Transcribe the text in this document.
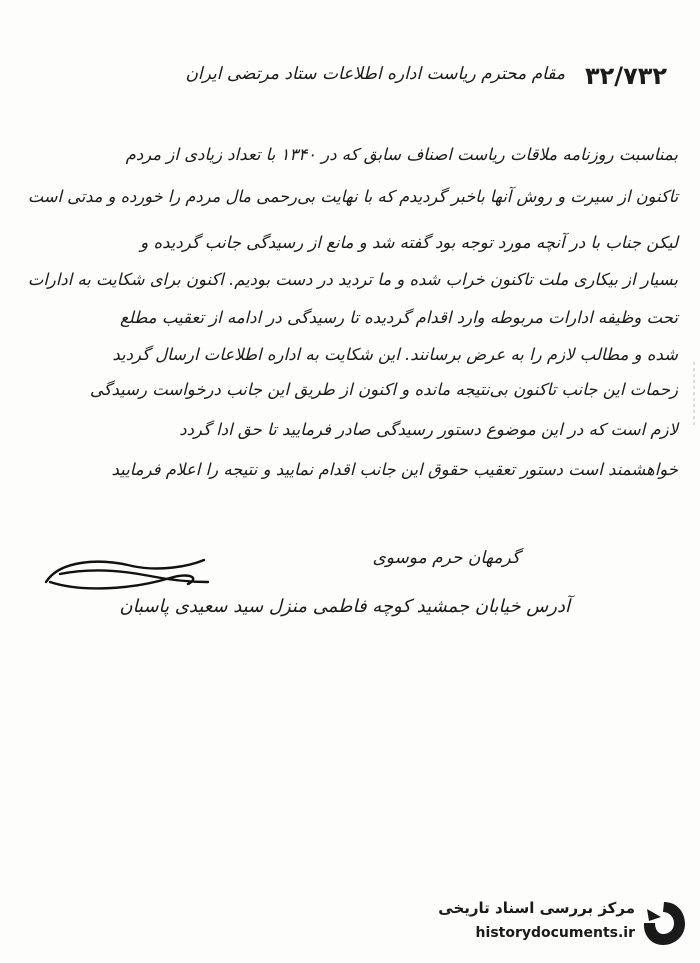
۳۲/۷۳۲
مقام محترم ریاست اداره اطلاعات ستاد مرتضی ایران
بمناسبت روزنامه ملاقات ریاست اصناف سابق که در ۱۳۴۰ با تعداد زیادی از مردم
تاکنون از سیرت و روش آنها باخبر گردیدم که با نهایت بی‌رحمی مال مردم را خورده و مدتی است
لیکن جناب با در آنچه مورد توجه بود گفته شد و مانع از رسیدگی جانب گردیده و
بسیار از بیکاری ملت تاکنون خراب شده و ما تردید در دست بودیم. اکنون برای شکایت به ادارات
تحت وظیفه ادارات مربوطه وارد اقدام گردیده تا رسیدگی در ادامه از تعقیب مطلع
شده و مطالب لازم را به عرض برسانند. این شکایت به اداره اطلاعات ارسال گردید
زحمات این جانب تاکنون بی‌نتیجه مانده و اکنون از طریق این جانب درخواست رسیدگی
لازم است که در این موضوع دستور رسیدگی صادر فرمایید تا حق ادا گردد
خواهشمند است دستور تعقیب حقوق این جانب اقدام نمایید و نتیجه را اعلام فرمایید
گرمهان حرم موسوی
آدرس خیابان جمشید کوچه فاطمی منزل سید سعیدی پاسبان
مرکز بررسی اسناد تاریخی
historydocuments.ir
